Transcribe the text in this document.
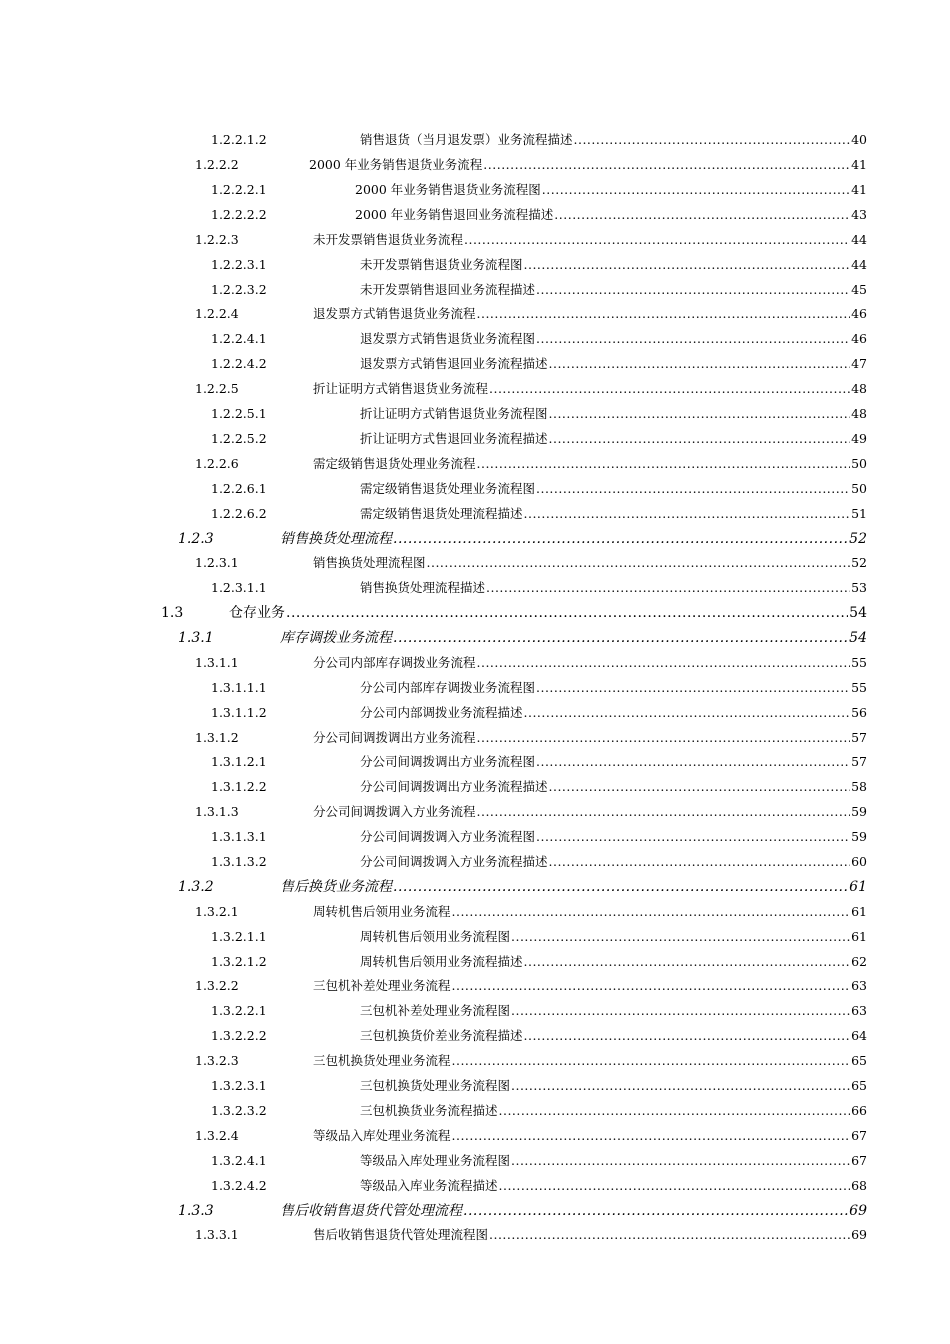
1.2.2.1.2	销售退货（当月退发票）业务流程描述 .....	40
1.2.2.2	2000 年业务销售退货业务流程 .....	41
1.2.2.2.1	2000 年业务销售退货业务流程图 .....	41
1.2.2.2.2	2000 年业务销售退回业务流程描述 .....	43
1.2.2.3	未开发票销售退货业务流程 .....	44
1.2.2.3.1	未开发票销售退货业务流程图 .....	44
1.2.2.3.2	未开发票销售退回业务流程描述 .....	45
1.2.2.4	退发票方式销售退货业务流程 .....	46
1.2.2.4.1	退发票方式销售退货业务流程图 .....	46
1.2.2.4.2	退发票方式销售退回业务流程描述 .....	47
1.2.2.5	折让证明方式销售退货业务流程 .....	48
1.2.2.5.1	折让证明方式销售退货业务流程图 .....	48
1.2.2.5.2	折让证明方式售退回业务流程描述 .....	49
1.2.2.6	需定级销售退货处理业务流程 .....	50
1.2.2.6.1	需定级销售退货处理业务流程图 .....	50
1.2.2.6.2	需定级销售退货处理流程描述 .....	51
1.2.3	销售换货处理流程 .....	52
1.2.3.1	销售换货处理流程图 .....	52
1.2.3.1.1	销售换货处理流程描述 .....	53
1.3	仓存业务 .....	54
1.3.1	库存调拨业务流程 .....	54
1.3.1.1	分公司内部库存调拨业务流程 .....	55
1.3.1.1.1	分公司内部库存调拨业务流程图 .....	55
1.3.1.1.2	分公司内部调拨业务流程描述 .....	56
1.3.1.2	分公司间调拨调出方业务流程 .....	57
1.3.1.2.1	分公司间调拨调出方业务流程图 .....	57
1.3.1.2.2	分公司间调拨调出方业务流程描述 .....	58
1.3.1.3	分公司间调拨调入方业务流程 .....	59
1.3.1.3.1	分公司间调拨调入方业务流程图 .....	59
1.3.1.3.2	分公司间调拨调入方业务流程描述 .....	60
1.3.2	售后换货业务流程 .....	61
1.3.2.1	周转机售后领用业务流程 .....	61
1.3.2.1.1	周转机售后领用业务流程图 .....	61
1.3.2.1.2	周转机售后领用业务流程描述 .....	62
1.3.2.2	三包机补差处理业务流程 .....	63
1.3.2.2.1	三包机补差处理业务流程图 .....	63
1.3.2.2.2	三包机换货价差业务流程描述 .....	64
1.3.2.3	三包机换货处理业务流程 .....	65
1.3.2.3.1	三包机换货处理业务流程图 .....	65
1.3.2.3.2	三包机换货业务流程描述 .....	66
1.3.2.4	等级品入库处理业务流程 .....	67
1.3.2.4.1	等级品入库处理业务流程图 .....	67
1.3.2.4.2	等级品入库业务流程描述 .....	68
1.3.3	售后收销售退货代管处理流程 .....	69
1.3.3.1	售后收销售退货代管处理流程图 .....	69
